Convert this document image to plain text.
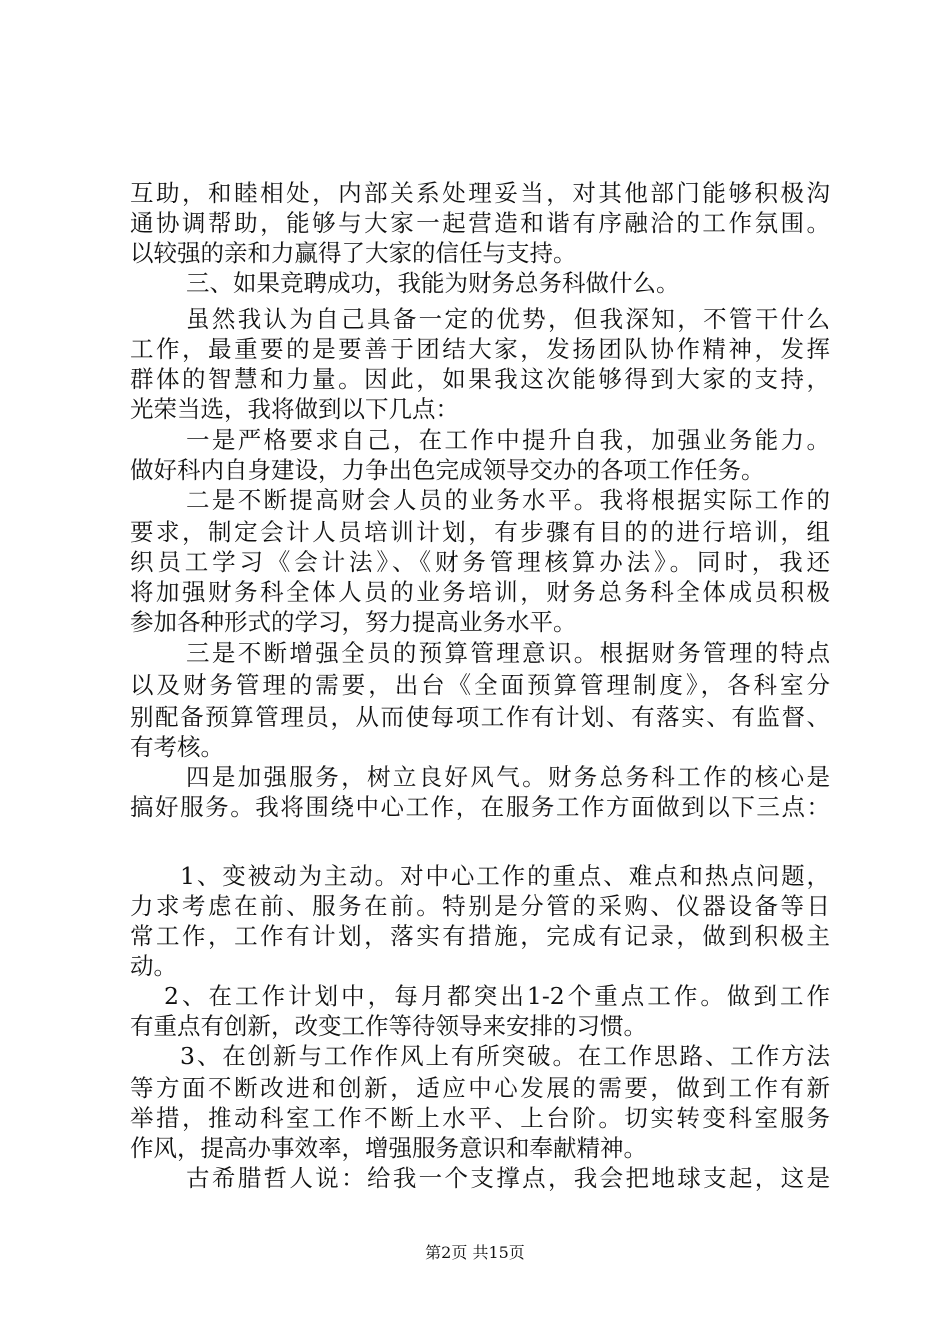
互助，和睦相处，内部关系处理妥当，对其他部门能够积极沟
通协调帮助，能够与大家一起营造和谐有序融洽的工作氛围。
以较强的亲和力赢得了大家的信任与支持。
三、如果竞聘成功，我能为财务总务科做什么。
虽然我认为自己具备一定的优势，但我深知，不管干什么
工作，最重要的是要善于团结大家，发扬团队协作精神，发挥
群体的智慧和力量。因此，如果我这次能够得到大家的支持，
光荣当选，我将做到以下几点：
一是严格要求自己，在工作中提升自我，加强业务能力。
做好科内自身建设，力争出色完成领导交办的各项工作任务。
二是不断提高财会人员的业务水平。我将根据实际工作的
要求，制定会计人员培训计划，有步骤有目的的进行培训，组
织员工学习《会计法》、《财务管理核算办法》。同时，我还
将加强财务科全体人员的业务培训，财务总务科全体成员积极
参加各种形式的学习，努力提高业务水平。
三是不断增强全员的预算管理意识。根据财务管理的特点
以及财务管理的需要，出台《全面预算管理制度》，各科室分
别配备预算管理员，从而使每项工作有计划、有落实、有监督、
有考核。
四是加强服务，树立良好风气。财务总务科工作的核心是
搞好服务。我将围绕中心工作，在服务工作方面做到以下三点：
1、变被动为主动。对中心工作的重点、难点和热点问题，
力求考虑在前、服务在前。特别是分管的采购、仪器设备等日
常工作，工作有计划，落实有措施，完成有记录，做到积极主
动。
2、在工作计划中，每月都突出1-2个重点工作。做到工作
有重点有创新，改变工作等待领导来安排的习惯。
3、在创新与工作作风上有所突破。在工作思路、工作方法
等方面不断改进和创新，适应中心发展的需要，做到工作有新
举措，推动科室工作不断上水平、上台阶。切实转变科室服务
作风，提高办事效率，增强服务意识和奉献精神。
古希腊哲人说：给我一个支撑点，我会把地球支起，这是
第2页 共15页
